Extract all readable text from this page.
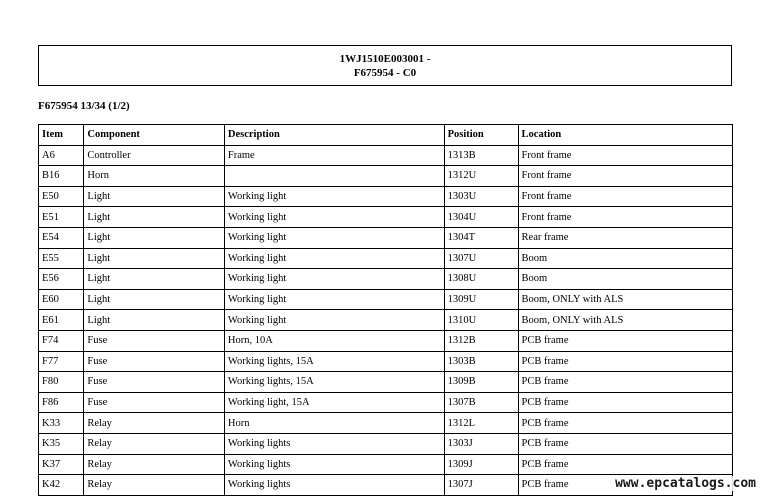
1WJ1510E003001 -
F675954 - C0
F675954 13/34 (1/2)
Item	Component	Description	Position	Location
A6	Controller	Frame	1313B	Front frame
B16	Horn		1312U	Front frame
E50	Light	Working light	1303U	Front frame
E51	Light	Working light	1304U	Front frame
E54	Light	Working light	1304T	Rear frame
E55	Light	Working light	1307U	Boom
E56	Light	Working light	1308U	Boom
E60	Light	Working light	1309U	Boom, ONLY with ALS
E61	Light	Working light	1310U	Boom, ONLY with ALS
F74	Fuse	Horn, 10A	1312B	PCB frame
F77	Fuse	Working lights, 15A	1303B	PCB frame
F80	Fuse	Working lights, 15A	1309B	PCB frame
F86	Fuse	Working light, 15A	1307B	PCB frame
K33	Relay	Horn	1312L	PCB frame
K35	Relay	Working lights	1303J	PCB frame
K37	Relay	Working lights	1309J	PCB frame
K42	Relay	Working lights	1307J	PCB frame	www.epcatalogs.com
